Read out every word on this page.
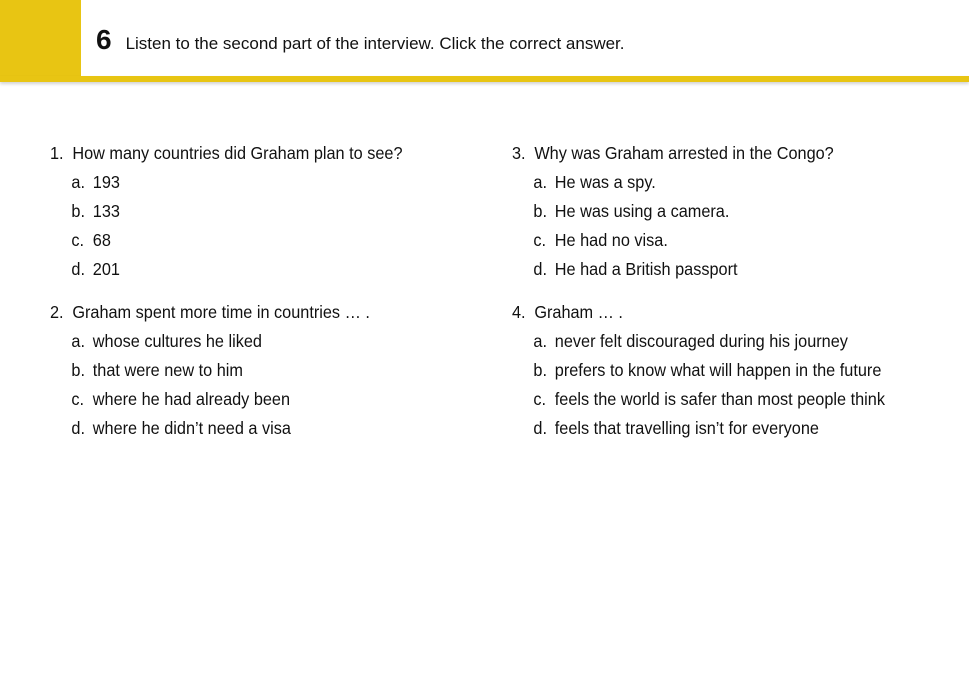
6 Listen to the second part of the interview. Click the correct answer.
1. How many countries did Graham plan to see?
a. 193
b. 133
c. 68
d. 201
2. Graham spent more time in countries … .
a. whose cultures he liked
b. that were new to him
c. where he had already been
d. where he didn’t need a visa
3. Why was Graham arrested in the Congo?
a. He was a spy.
b. He was using a camera.
c. He had no visa.
d. He had a British passport
4. Graham … .
a. never felt discouraged during his journey
b. prefers to know what will happen in the future
c. feels the world is safer than most people think
d. feels that travelling isn’t for everyone
